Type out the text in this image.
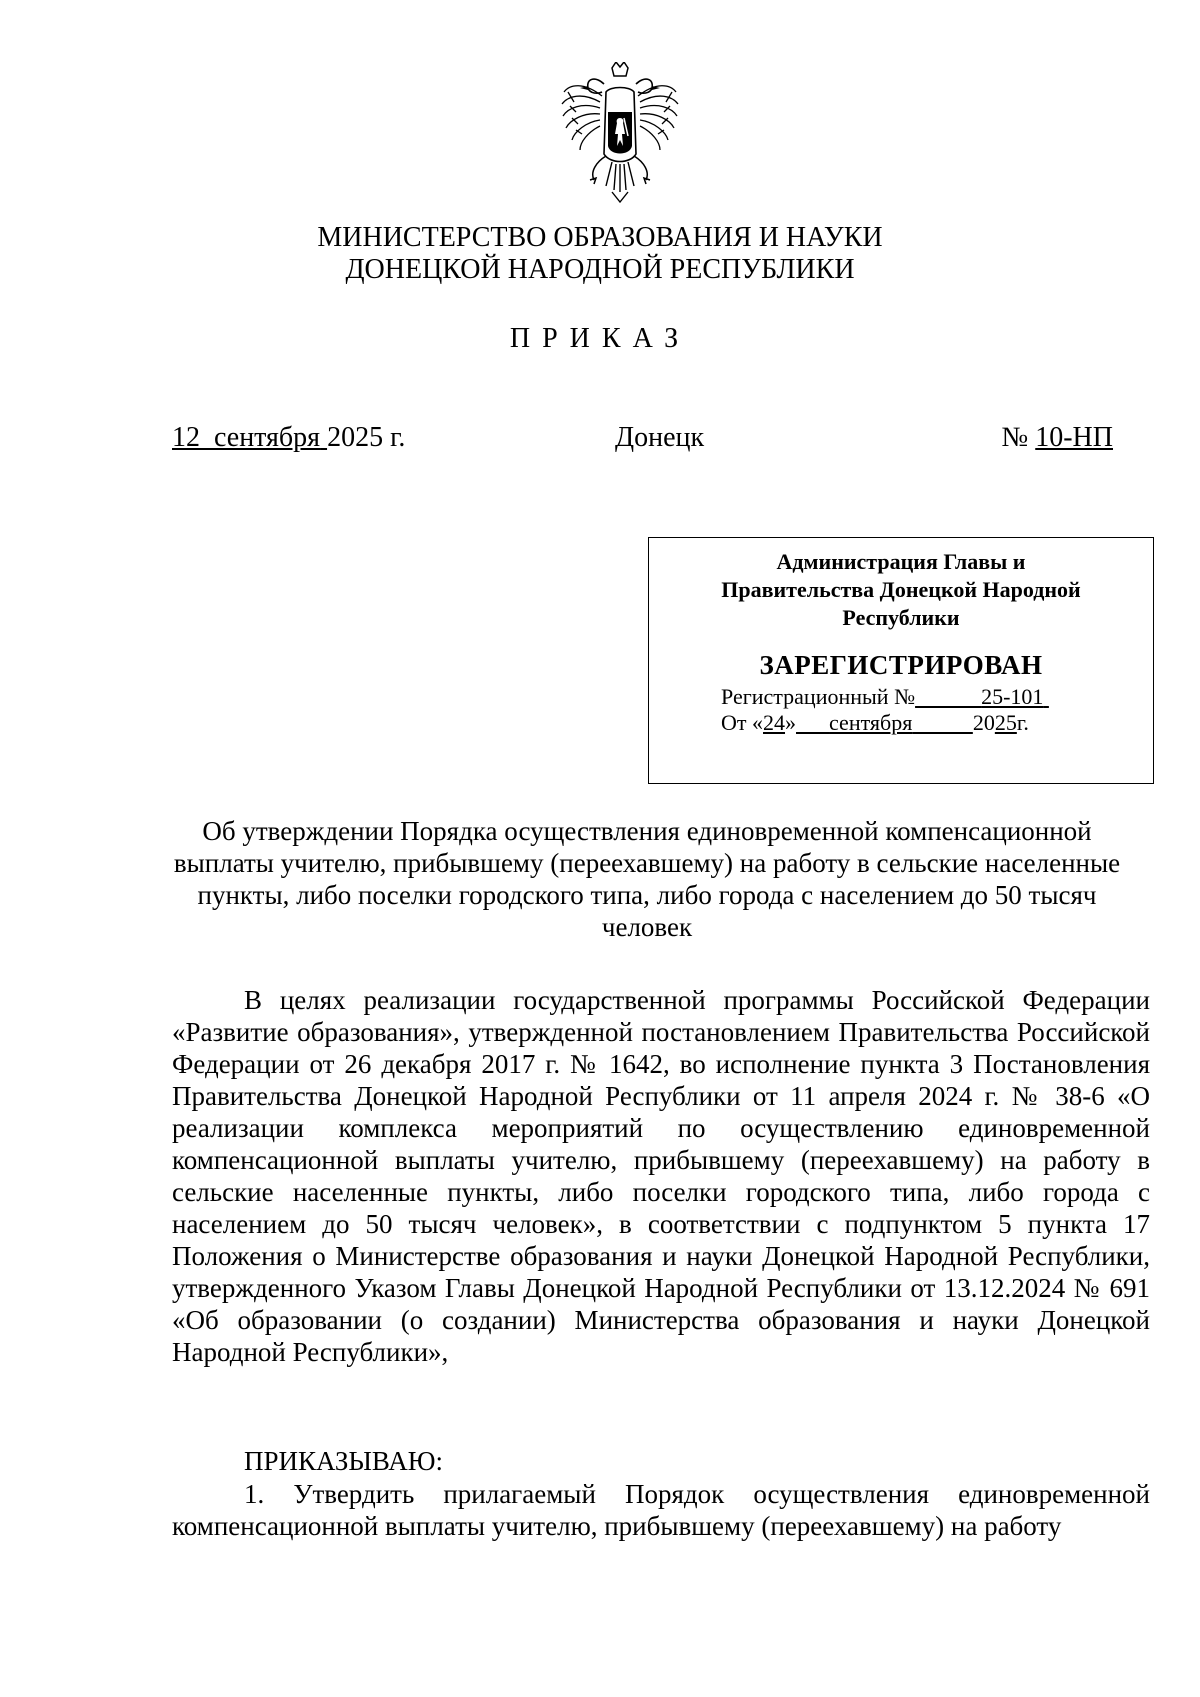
МИНИСТЕРСТВО ОБРАЗОВАНИЯ И НАУКИ
ДОНЕЦКОЙ НАРОДНОЙ РЕСПУБЛИКИ
ПРИКАЗ
12 сентября 2025 г.	Донецк	№ 10-НП
Администрация Главы и
Правительства Донецкой Народной
Республики
ЗАРЕГИСТРИРОВАН
Регистрационный №	25-101
От «24» сентября	2025г.
Об утверждении Порядка осуществления единовременной компенсационной выплаты учителю, прибывшему (переехавшему) на работу в сельские населенные пункты, либо поселки городского типа, либо города с населением до 50 тысяч человек

В целях реализации государственной программы Российской Федерации «Развитие образования», утвержденной постановлением Правительства Российской Федерации от 26 декабря 2017 г. № 1642, во исполнение пункта 3 Постановления Правительства Донецкой Народной Республики от 11 апреля 2024 г. № 38-6 «О реализации комплекса мероприятий по осуществлению единовременной компенсационной выплаты учителю, прибывшему (переехавшему) на работу в сельские населенные пункты, либо поселки городского типа, либо города с населением до 50 тысяч человек», в соответствии с подпунктом 5 пункта 17 Положения о Министерстве образования и науки Донецкой Народной Республики, утвержденного Указом Главы Донецкой Народной Республики от 13.12.2024 № 691 «Об образовании (о создании) Министерства образования и науки Донецкой Народной Республики»,

ПРИКАЗЫВАЮ:

1. Утвердить прилагаемый Порядок осуществления единовременной компенсационной выплаты учителю, прибывшему (переехавшему) на работу
